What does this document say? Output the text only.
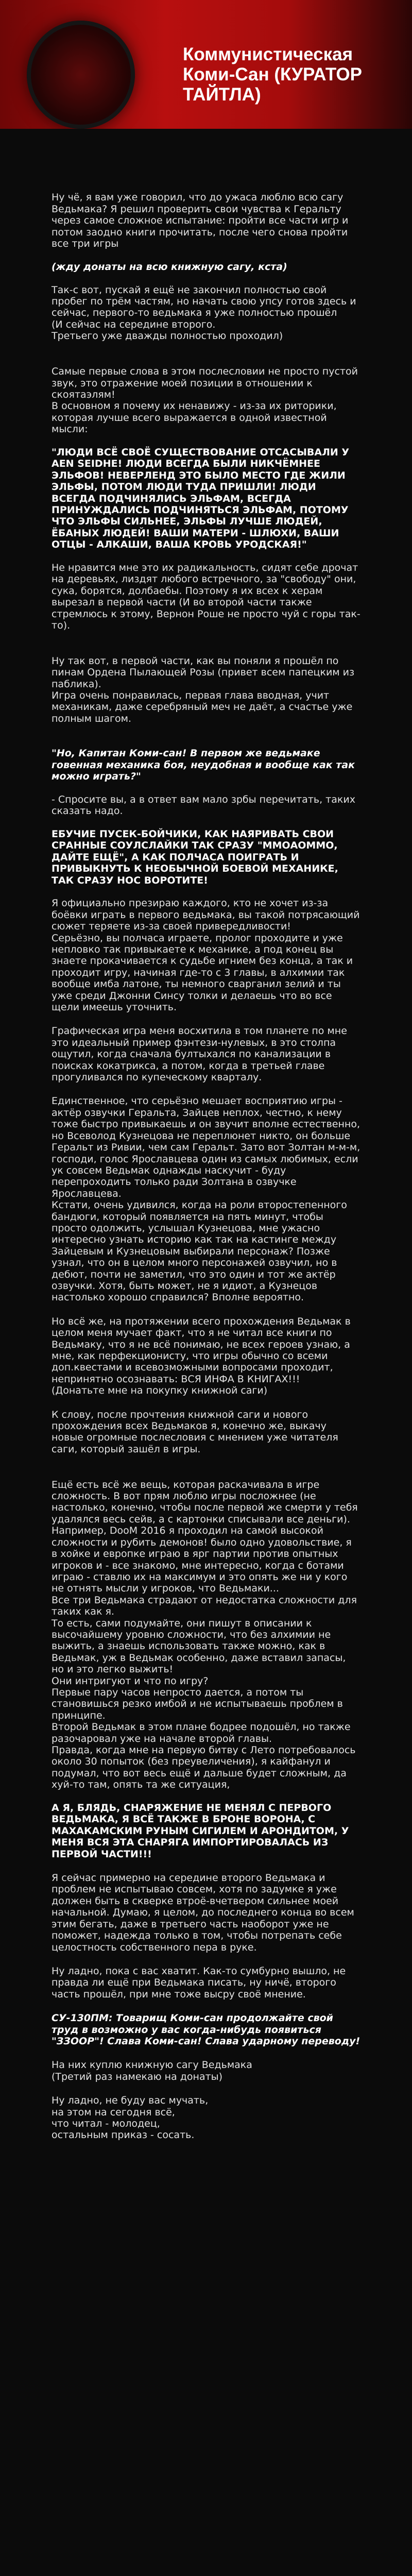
Коммунистическая Коми-Сан (КУРАТОР ТАЙТЛА)

Ну чё, я вам уже говорил, что до ужаса люблю всю сагу Ведьмака? Я решил проверить свои чувства к Геральту через самое сложное испытание: пройти все части игр и потом заодно книги прочитать, после чего снова пройти все три игры

(жду донаты на всю книжную сагу, кста)

Так-с вот, пускай я ещё не закончил полностью свой пробег по трём частям, но начать свою упсу готов здесь и сейчас, первого-то ведьмака я уже полностью прошёл
(И сейчас на середине второго.
Третьего уже дважды полностью проходил)

Самые первые слова в этом послесловии не просто пустой звук, это отражение моей позиции в отношении к скоятаэлям!
В основном я почему их ненавижу - из-за их риторики, которая лучше всего выражается в одной известной мысли:

"ЛЮДИ ВСЁ СВОЁ СУЩЕСТВОВАНИЕ ОТСАСЫВАЛИ У AEN SEIDHE! ЛЮДИ ВСЕГДА БЫЛИ НИКЧЁМНЕЕ ЭЛЬФОВ! НЕВЕРЛЕНД ЭТО БЫЛО МЕСТО ГДЕ ЖИЛИ ЭЛЬФЫ, ПОТОМ ЛЮДИ ТУДА ПРИШЛИ! ЛЮДИ ВСЕГДА ПОДЧИНЯЛИСЬ ЭЛЬФАМ, ВСЕГДА ПРИНУЖДАЛИСЬ ПОДЧИНЯТЬСЯ ЭЛЬФАМ, ПОТОМУ ЧТО ЭЛЬФЫ СИЛЬНЕЕ, ЭЛЬФЫ ЛУЧШЕ ЛЮДЕЙ, ЁБАНЫХ ЛЮДЕЙ! ВАШИ МАТЕРИ - ШЛЮХИ, ВАШИ ОТЦЫ - АЛКАШИ, ВАША КРОВЬ УРОДСКАЯ!"

Не нравится мне это их радикальность, сидят себе дрочат на деревьях, лиздят любого встречного, за "свободу" они, сука, борятся, долбаебы. Поэтому я их всех к херам вырезал в первой части (И во второй части также стремлюсь к этому, Вернон Роше не просто чуй с горы так-то).

Ну так вот, в первой части, как вы поняли я прошёл по пинам Ордена Пылающей Розы (привет всем папецким из паблика).
Игра очень понравилась, первая глава вводная, учит механикам, даже серебряный меч не даёт, а счастье уже полным шагом.

"Но, Капитан Коми-сан! В первом же ведьмаке говенная механика боя, неудобная и вообще как так можно играть?"

- Спросите вы, а в ответ вам мало зрбы перечитать, таких сказать надо.

ЕБУЧИЕ ПУСЕК-БОЙЧИКИ, КАК НАЯРИВАТЬ СВОИ СРАННЫЕ СОУЛСЛАЙКИ ТАК СРАЗУ "ММОАОММО, ДАЙТЕ ЕЩЁ", А КАК ПОЛЧАСА ПОИГРАТЬ И ПРИВЫКНУТЬ К НЕОБЫЧНОЙ БОЕВОЙ МЕХАНИКЕ, ТАК СРАЗУ НОС ВОРОТИТЕ!

Я официально презираю каждого, кто не хочет из-за боёвки играть в первого ведьмака, вы такой потрясающий сюжет теряете из-за своей привередливости!
Серьёзно, вы полчаса играете, пролог проходите и уже непловко так привыкаете к механике, а под конец вы знаете прокачивается к судьбе игнием без конца, а так и проходит игру, начиная где-то с 3 главы, в алхимии так вообще имба латоне, ты немного сварганил зелий и ты уже среди Джонни Синсу толки и делаешь что во все щели имеешь уточнить.

Графическая игра меня восхитила в том планете по мне это идеальный пример фэнтези-нулевых, в это столпа ощутил, когда сначала бултыхался по канализации в поисках кокатрикса, а потом, когда в третьей главе прогуливался по купеческому кварталу.

Единственное, что серьёзно мешает восприятию игры - актёр озвучки Геральта, Зайцев неплох, честно, к нему тоже быстро привыкаешь и он звучит вполне естественно, но Всеволод Кузнецова не переплюнет никто, он больше Геральт из Ривии, чем сам Геральт. Зато вот Золтан м-м-м, господи, голос Ярославцева один из самых любимых, если ук совсем Ведьмак однажды наскучит - буду перепроходить только ради Золтана в озвучке Ярославцева.
Кстати, очень удивился, когда на роли второстепенного бандюги, который появляется на пять минут, чтобы просто одолжить, услышал Кузнецова, мне ужасно интересно узнать историю как так на кастинге между Зайцевым и Кузнецовым выбирали персонаж? Позже узнал, что он в целом много персонажей озвучил, но в дебют, почти не заметил, что это один и тот же актёр озвучки. Хотя, быть может, не я идиот, а Кузнецов настолько хорошо справился? Вполне вероятно.

Но всё же, на протяжении всего прохождения Ведьмак в целом меня мучает факт, что я не читал все книги по Ведьмаку, что я не всё понимаю, не всех героев узнаю, а мне, как перфекционисту, что игры обычно со всеми доп.квестами и всевозможными вопросами проходит, непринятно осознавать: ВСЯ ИНФА В КНИГАХ!!!
(Донатьте мне на покупку книжной саги)

К слову, после прочтения книжной саги и нового прохождения всех Ведьмаков я, конечно же, выкачу новые огромные послесловия с мнением уже читателя саги, который зашёл в игры.

Ещё есть всё же вещь, которая раскачивала в игре сложность. В вот прям люблю игры посложнее (не настолько, конечно, чтобы после первой же смерти у тебя удалялся весь сейв, а с картонки списывали все деньги). Например, DooM 2016 я проходил на самой высокой сложности и рубить демонов! было одно удовольствие, я в хойке и европке играю в ярг партии против опытных игроков и - все знакомо, мне интересно, когда с ботами играю - ставлю их на максимум и это опять же ни у кого не отнять мысли у игроков, что Ведьмаки...
Все три Ведьмака страдают от недостатка сложности для таких как я.
То есть, сами подумайте, они пишут в описании к высочайшему уровню сложности, что без алхимии не выжить, а знаешь использовать также можно, как в Ведьмак, уж в Ведьмак особенно, даже вставил запасы, но и это легко выжить!
Они интригуют и что по игру?
Первые пару часов непросто дается, а потом ты становишься резко имбой и не испытываешь проблем в принципе.
Второй Ведьмак в этом плане бодрее подошёл, но также разочаровал уже на начале второй главы.
Правда, когда мне на первую битву с Лето потребовалось около 30 попыток (без преувеличения), я кайфанул и подумал, что вот весь ещё и дальше будет сложным, да хуй-то там, опять та же ситуация,

А Я, БЛЯДЬ, СНАРЯЖЕНИЕ НЕ МЕНЯЛ С ПЕРВОГО ВЕДЬМАКА, Я ВСЁ ТАКЖЕ В БРОНЕ ВОРОНА, С МАХАКАМСКИМ РУНЫМ СИГИЛЕМ И АРОНДИТОМ, У МЕНЯ ВСЯ ЭТА СНАРЯГА ИМПОРТИРОВАЛАСЬ ИЗ ПЕРВОЙ ЧАСТИ!!!

Я сейчас примерно на середине второго Ведьмака и проблем не испытываю совсем, хотя по задумке я уже должен быть в скверке втроё-вчетвером сильнее моей начальной. Думаю, я целом, до последнего конца во всем этим бегать, даже в третьего часть наоборот уже не поможет, надежда только в том, чтобы потрепать себе целостность собственного пера в руке.

Ну ладно, пока с вас хватит. Как-то сумбурно вышло, не правда ли ещё при Ведьмака писать, ну ничё, второго часть прошёл, при мне тоже высру своё мнение.

СУ-130ПМ: Товарищ Коми-сан продолжайте свой труд в возможно у вас когда-нибудь появиться "ЗЗООР"! Слава Коми-сан! Слава ударному переводу!

На них куплю книжную сагу Ведьмака
(Третий раз намекаю на донаты)

Ну ладно, не буду вас мучать,
на этом на сегодня всё,
что читал - молодец,
остальным приказ - сосать.
